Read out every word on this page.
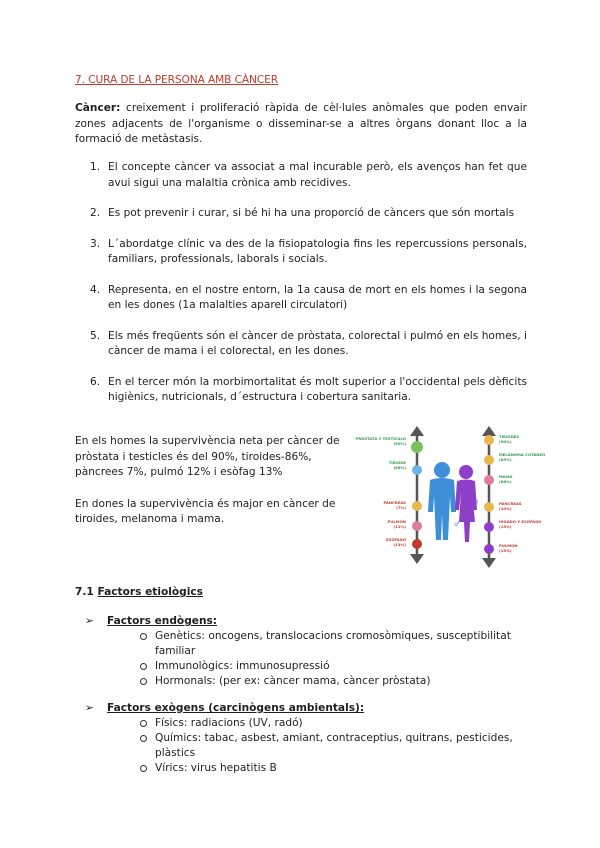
7. CURA DE LA PERSONA AMB CÀNCER
Càncer: creixement i proliferació ràpida de cèl·lules anòmales que poden envair zones adjacents de l'organisme o disseminar-se a altres òrgans donant lloc a la formació de metàstasis.
1. El concepte càncer va associat a mal incurable però, els avenços han fet que avui sigui una malaltia crònica amb recidives.
2. Es pot prevenir i curar, si bé hi ha una proporció de càncers que són mortals
3. L´abordatge clínic va des de la fisiopatologia fins les repercussions personals, familiars, professionals, laborals i socials.
4. Representa, en el nostre entorn, la 1a causa de mort en els homes i la segona en les dones (1a malalties aparell circulatori)
5. Els més freqüents són el càncer de pròstata, colorectal i pulmó en els homes, i càncer de mama i el colorectal, en les dones.
6. En el tercer món la morbimortalitat és molt superior a l'occidental pels dèficits higiènics, nutricionals, d´estructura i cobertura sanitaria.

En els homes la supervivència neta per càncer de pròstata i testicles és del 90%, tiroides-86%, pàncrees 7%, pulmó 12% i esòfag 13%

En dones la supervivència és major en càncer de tiroides, melanoma i mama.	♂
♀
PRÒSTATA Y TESTÍCULO
(90%)
TIROIDE
(86%)
PÁNCREAS
(7%)
PULMÓN
(11%)
ESÓFAGO
(13%)
TIROIDES
(90%)
MELANOMA CUTÁNEO
(89%)
MAMA
(86%)
PÁNCREAS
(10%)
HÍGADO Y ESÓFAGO
(15%)
PULMÓN
(15%)
7.1 Factors etiològics
➢ Factors endògens:
Genètics: oncogens, translocacions cromosòmiques, susceptibilitat familiar
Immunològics: immunosupressió
Hormonals: (per ex: càncer mama, càncer pròstata)
➢ Factors exògens (carcinògens ambientals):
Físics: radiacions (UV, radó)
Químics: tabac, asbest, amiant, contraceptius, quitrans, pesticides, plàstics
Vírics: virus hepatitis B
